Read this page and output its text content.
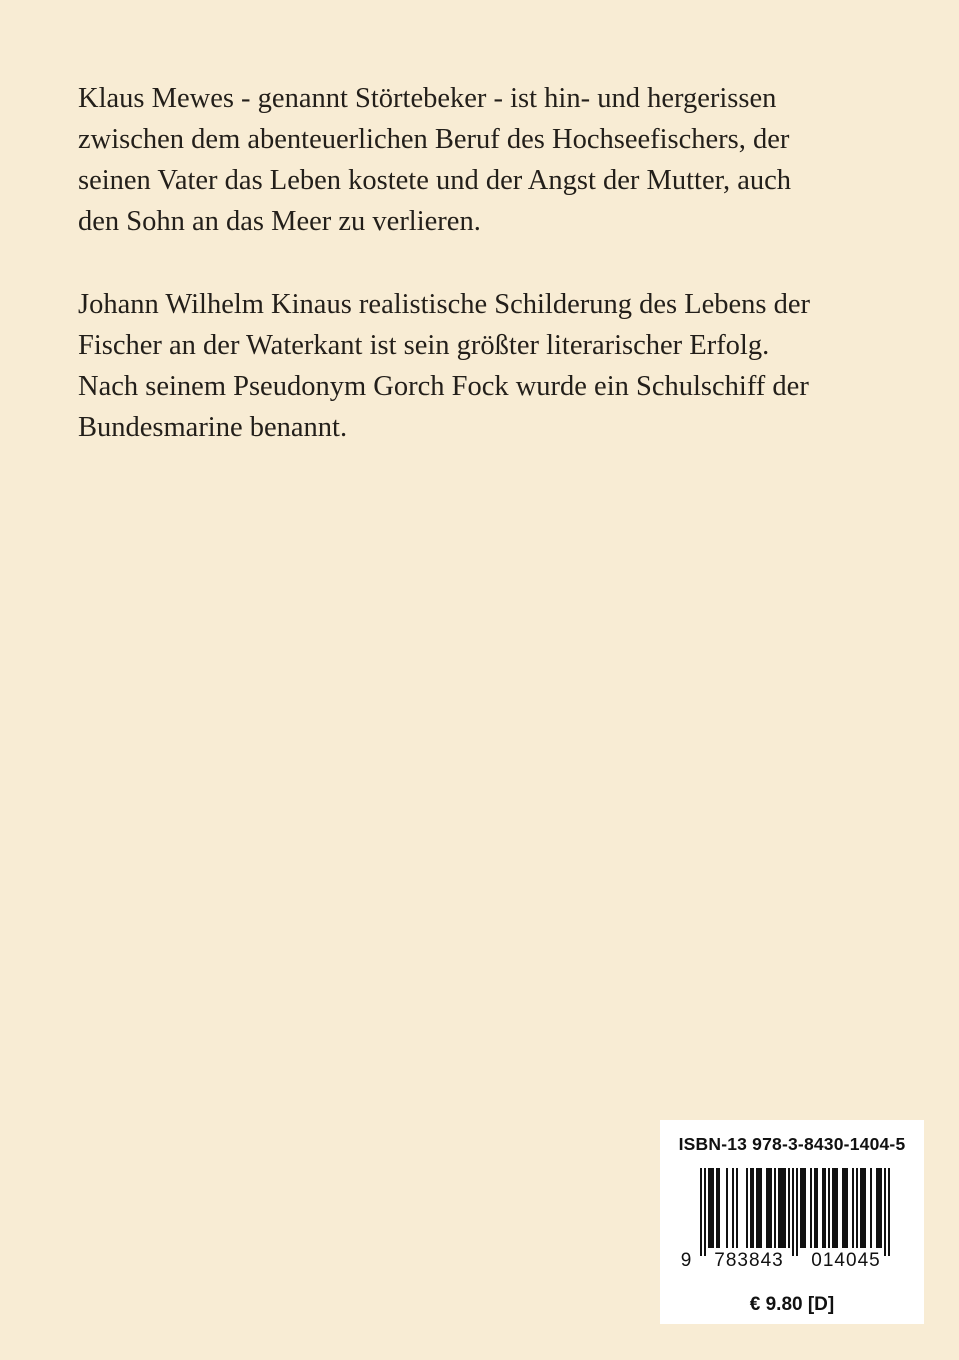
Klaus Mewes - genannt Störtebeker - ist hin- und hergerissen
zwischen dem abenteuerlichen Beruf des Hochseefischers, der
seinen Vater das Leben kostete und der Angst der Mutter, auch
den Sohn an das Meer zu verlieren.

Johann Wilhelm Kinaus realistische Schilderung des Lebens der
Fischer an der Waterkant ist sein größter literarischer Erfolg.
Nach seinem Pseudonym Gorch Fock wurde ein Schulschiff der
Bundesmarine benannt.

ISBN-13 978-3-8430-1404-5
9 783843 014045
€ 9.80 [D]
